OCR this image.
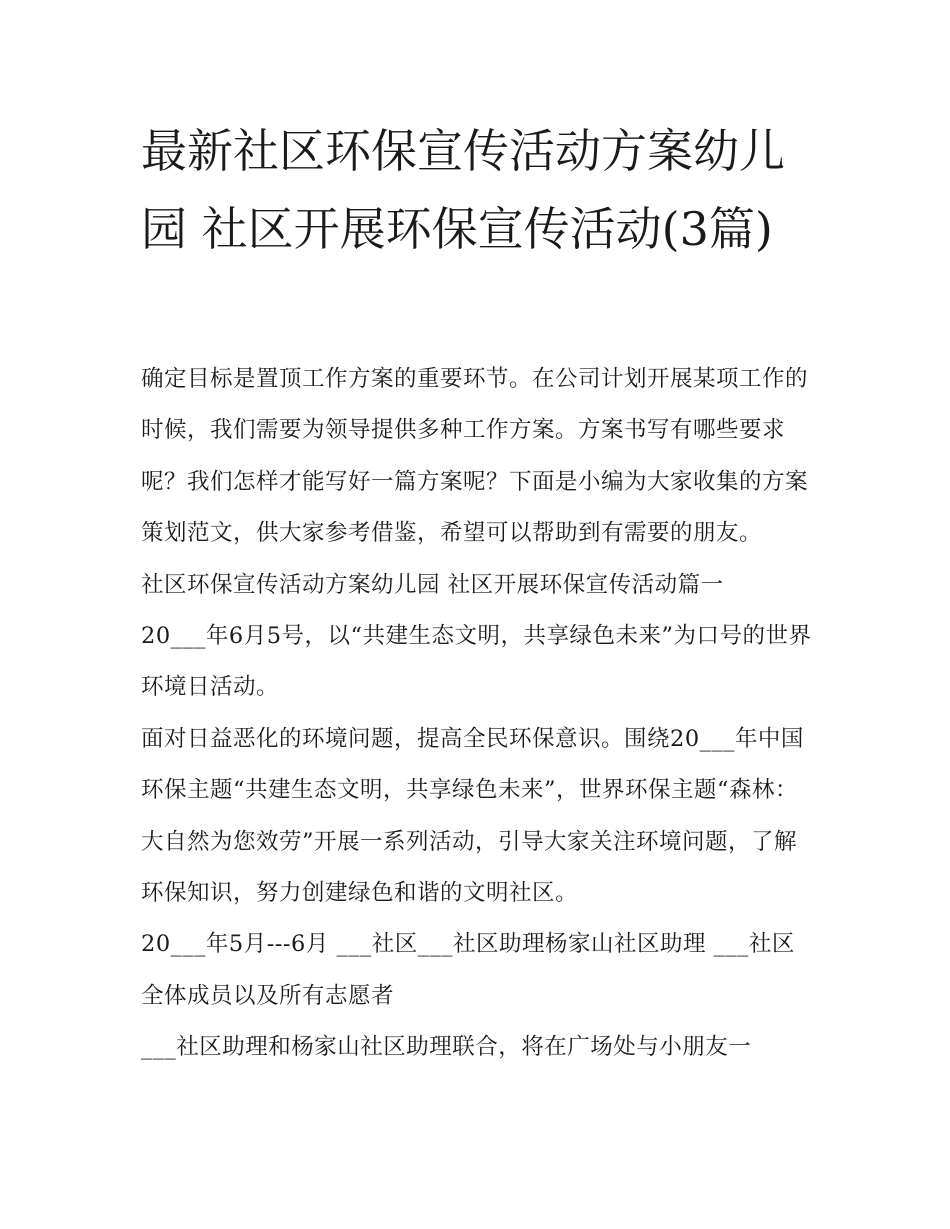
最新社区环保宣传活动方案幼儿园 社区开展环保宣传活动(3篇)

确定目标是置顶工作方案的重要环节。在公司计划开展某项工作的时候，我们需要为领导提供多种工作方案。方案书写有哪些要求呢？我们怎样才能写好一篇方案呢？下面是小编为大家收集的方案策划范文，供大家参考借鉴，希望可以帮助到有需要的朋友。

社区环保宣传活动方案幼儿园 社区开展环保宣传活动篇一

20___年6月5号，以“共建生态文明，共享绿色未来”为口号的世界环境日活动。

面对日益恶化的环境问题，提高全民环保意识。围绕20___年中国环保主题“共建生态文明，共享绿色未来”，世界环保主题“森林：大自然为您效劳”开展一系列活动，引导大家关注环境问题，了解环保知识，努力创建绿色和谐的文明社区。

20___年5月---6月 ___社区___社区助理杨家山社区助理 ___社区全体成员以及所有志愿者

___社区助理和杨家山社区助理联合，将在广场处与小朋友一
